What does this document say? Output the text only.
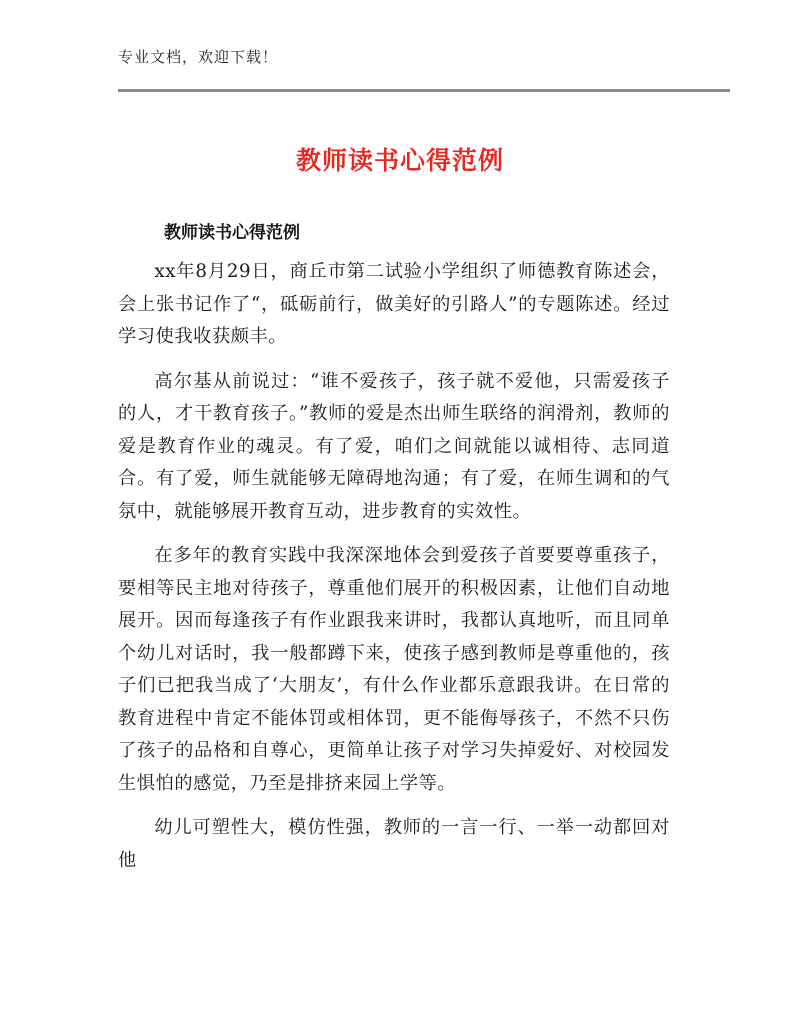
专业文档，欢迎下载！
教师读书心得范例
教师读书心得范例

xx年8月29日，商丘市第二试验小学组织了师德教育陈述会，会上张书记作了“，砥砺前行，做美好的引路人”的专题陈述。经过学习使我收获颇丰。

高尔基从前说过：“谁不爱孩子，孩子就不爱他，只需爱孩子的人，才干教育孩子。”教师的爱是杰出师生联络的润滑剂，教师的爱是教育作业的魂灵。有了爱，咱们之间就能以诚相待、志同道合。有了爱，师生就能够无障碍地沟通；有了爱，在师生调和的气氛中，就能够展开教育互动，进步教育的实效性。

在多年的教育实践中我深深地体会到爱孩子首要要尊重孩子，要相等民主地对待孩子，尊重他们展开的积极因素，让他们自动地展开。因而每逢孩子有作业跟我来讲时，我都认真地听，而且同单个幼儿对话时，我一般都蹲下来，使孩子感到教师是尊重他的，孩子们已把我当成了‘大朋友’，有什么作业都乐意跟我讲。在日常的教育进程中肯定不能体罚或相体罚，更不能侮辱孩子，不然不只伤了孩子的品格和自尊心，更简单让孩子对学习失掉爱好、对校园发生惧怕的感觉，乃至是排挤来园上学等。

幼儿可塑性大，模仿性强，教师的一言一行、一举一动都回对他
